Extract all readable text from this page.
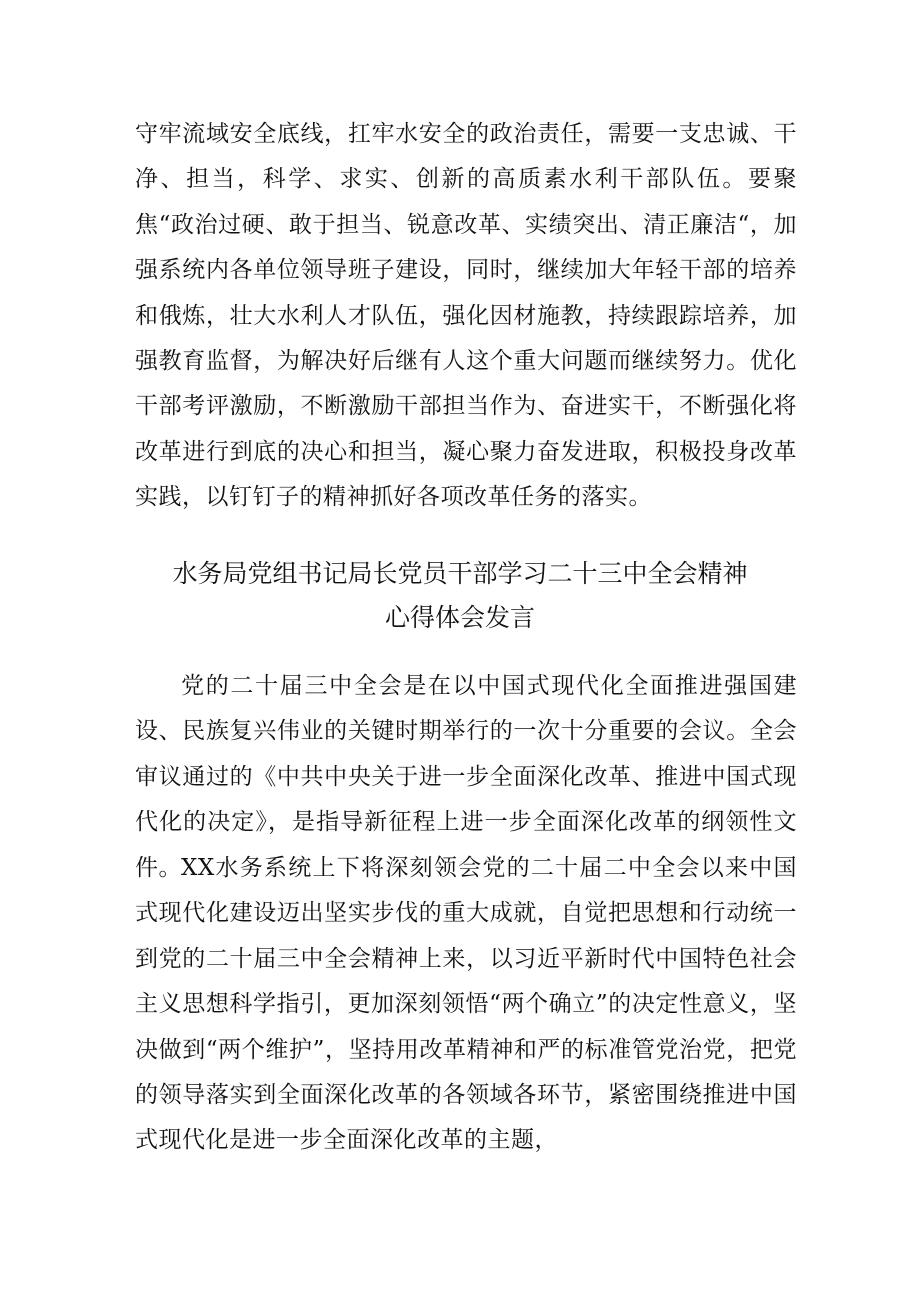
守牢流域安全底线，扛牢水安全的政治责任，需要一支忠诚、干净、担当，科学、求实、创新的高质素水利干部队伍。要聚焦“政治过硬、敢于担当、锐意改革、实绩突出、清正廉洁“，加强系统内各单位领导班子建设，同时，继续加大年轻干部的培养和俄炼，壮大水利人才队伍，强化因材施教，持续跟踪培养，加强教育监督，为解决好后继有人这个重大问题而继续努力。优化干部考评激励，不断激励干部担当作为、奋进实干，不断强化将改革进行到底的决心和担当，凝心聚力奋发进取，积极投身改革实践，以钉钉子的精神抓好各项改革任务的落实。

水务局党组书记局长党员干部学习二十三中全会精神
心得体会发言

党的二十届三中全会是在以中国式现代化全面推进强国建设、民族复兴伟业的关键时期举行的一次十分重要的会议。全会审议通过的《中共中央关于进一步全面深化改革、推进中国式现代化的决定》，是指导新征程上进一步全面深化改革的纲领性文件。 XX水务系统上下将深刻领会党的二十届二中全会以来中国式现代化建设迈出坚实步伐的重大成就，自觉把思想和行动统一到党的二十届三中全会精神上来，以习近平新时代中国特色社会主义思想科学指引，更加深刻领悟“两个确立”的决定性意义，坚决做到“两个维护”，坚持用改革精神和严的标准管党治党，把党的领导落实到全面深化改革的各领域各环节，紧密围绕推进中国式现代化是进一步全面深化改革的主题，
